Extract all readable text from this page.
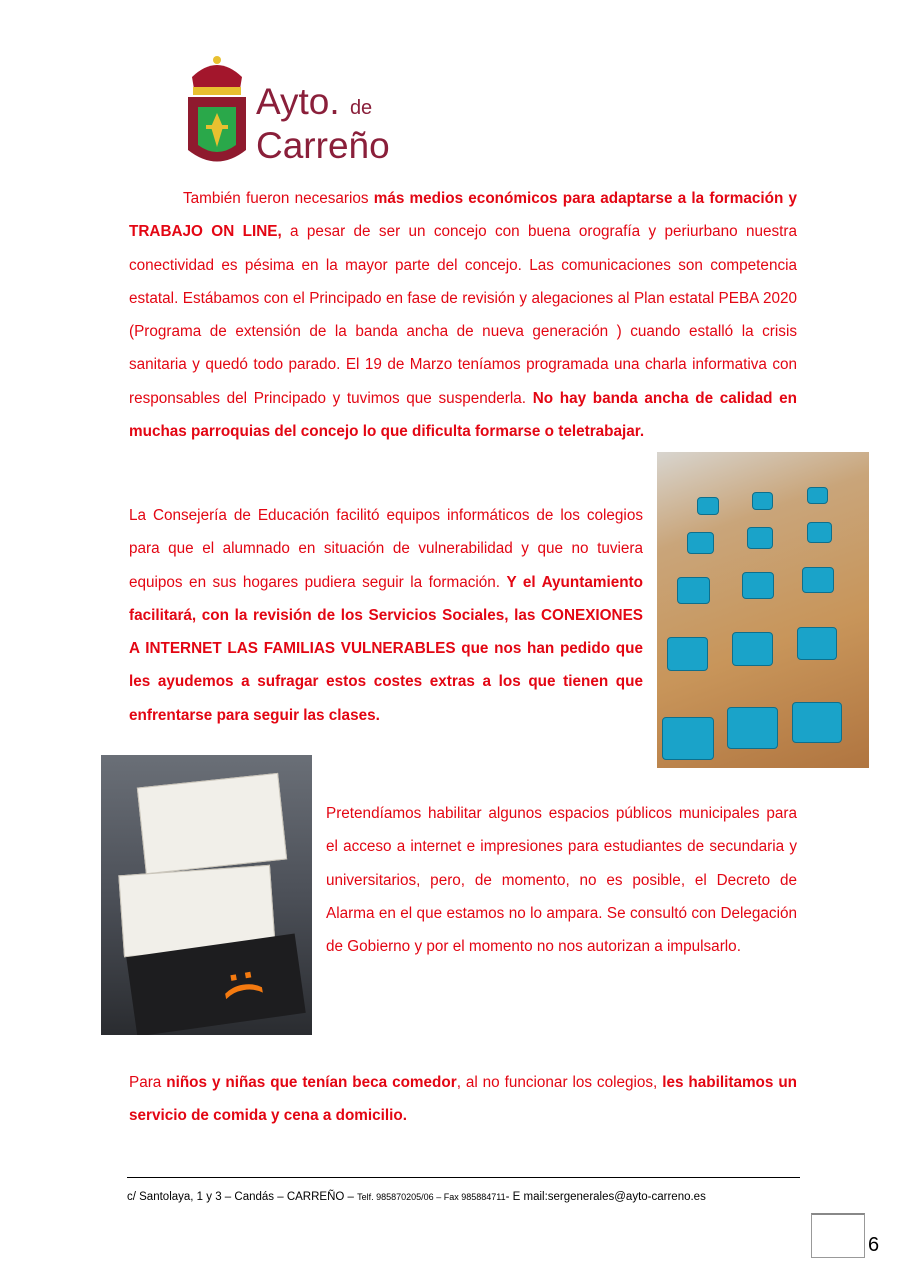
Ayto. de
Carreño
También fueron necesarios más medios económicos para adaptarse a la formación y TRABAJO ON LINE, a pesar de ser un concejo con buena orografía y periurbano nuestra conectividad es pésima en la mayor parte del concejo. Las comunicaciones son competencia estatal. Estábamos con el Principado en fase de revisión y alegaciones al Plan estatal PEBA 2020 (Programa de extensión de la banda ancha de nueva generación ) cuando estalló la crisis sanitaria y quedó todo parado. El 19 de Marzo teníamos programada una charla informativa con responsables del Principado y tuvimos que suspenderla. No hay banda ancha de calidad en muchas parroquias del concejo lo que dificulta formarse o teletrabajar.
La Consejería de Educación facilitó equipos informáticos de los colegios para que el alumnado en situación de vulnerabilidad y que no tuviera equipos en sus hogares pudiera seguir la formación. Y el Ayuntamiento facilitará, con la revisión de los Servicios Sociales, las CONEXIONES A INTERNET LAS FAMILIAS VULNERABLES que nos han pedido que les ayudemos a sufragar estos costes extras a los que tienen que enfrentarse para seguir las clases.
Pretendíamos habilitar algunos espacios públicos municipales para el acceso a internet e impresiones para estudiantes de secundaria y universitarios, pero, de momento, no es posible, el Decreto de Alarma en el que estamos no lo ampara. Se consultó con Delegación de Gobierno y por el momento no nos autorizan a impulsarlo.
Para niños y niñas que tenían beca comedor, al no funcionar los colegios, les habilitamos un servicio de comida y cena a domicilio.
:(
c/ Santolaya, 1 y 3 – Candás – CARREÑO – Telf. 985870205/06 – Fax 985884711- E mail:sergenerales@ayto-carreno.es
6
